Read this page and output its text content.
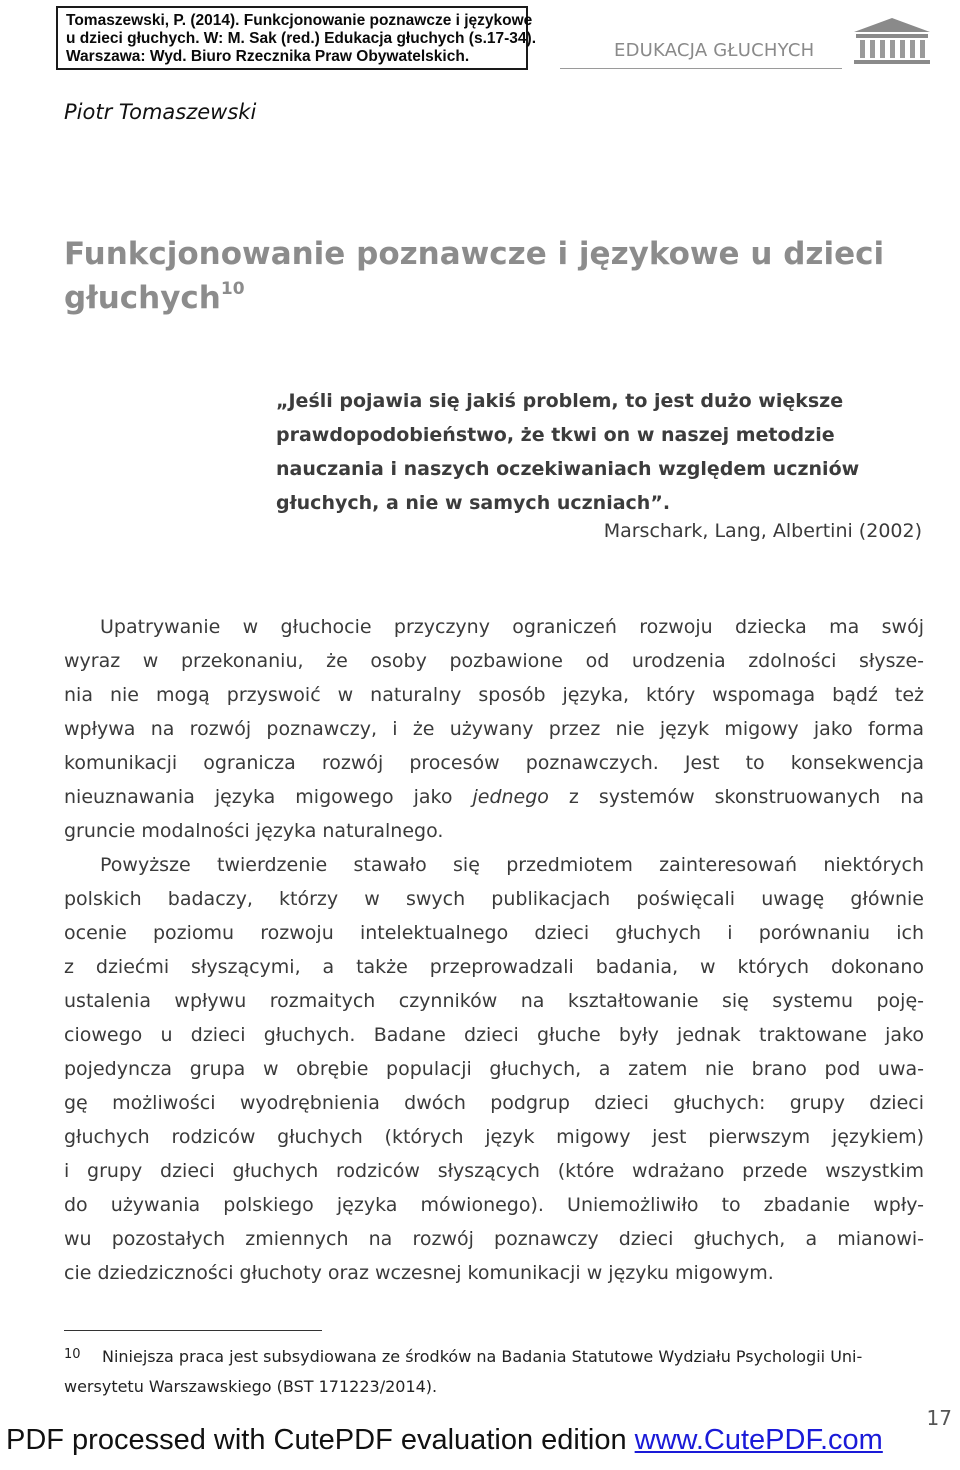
Tomaszewski, P. (2014). Funkcjonowanie poznawcze i językowe
u dzieci głuchych. W: M. Sak (red.) Edukacja głuchych (s.17-34).
Warszawa: Wyd. Biuro Rzecznika Praw Obywatelskich.	EDUKACJA GŁUCHYCH
Piotr Tomaszewski
Funkcjonowanie poznawcze i językowe u dzieci
głuchych$^{10}$
„Jeśli pojawia się jakiś problem, to jest dużo większe
prawdopodobieństwo, że tkwi on w naszej metodzie
nauczania i naszych oczekiwaniach względem uczniów
głuchych, a nie w samych uczniach”.
Marschark, Lang, Albertini (2002)
Upatrywanie w głuchocie przyczyny ograniczeń rozwoju dziecka ma swój
wyraz w przekonaniu, że osoby pozbawione od urodzenia zdolności słysze-
nia nie mogą przyswoić w naturalny sposób języka, który wspomaga bądź też
wpływa na rozwój poznawczy, i że używany przez nie język migowy jako forma
komunikacji ogranicza rozwój procesów poznawczych. Jest to konsekwencja
nieuznawania języka migowego jako jednego z systemów skonstruowanych na
gruncie modalności języka naturalnego.
Powyższe twierdzenie stawało się przedmiotem zainteresowań niektórych
polskich badaczy, którzy w swych publikacjach poświęcali uwagę głównie
ocenie poziomu rozwoju intelektualnego dzieci głuchych i porównaniu ich
z dziećmi słyszącymi, a także przeprowadzali badania, w których dokonano
ustalenia wpływu rozmaitych czynników na kształtowanie się systemu poję-
ciowego u dzieci głuchych. Badane dzieci głuche były jednak traktowane jako
pojedyncza grupa w obrębie populacji głuchych, a zatem nie brano pod uwa-
gę możliwości wyodrębnienia dwóch podgrup dzieci głuchych: grupy dzieci
głuchych rodziców głuchych (których język migowy jest pierwszym językiem)
i grupy dzieci głuchych rodziców słyszących (które wdrażano przede wszystkim
do używania polskiego języka mówionego). Uniemożliwiło to zbadanie wpły-
wu pozostałych zmiennych na rozwój poznawczy dzieci głuchych, a mianowi-
cie dziedziczności głuchoty oraz wczesnej komunikacji w języku migowym.
10 Niniejsza praca jest subsydiowana ze środków na Badania Statutowe Wydziału Psychologii Uni-
wersytetu Warszawskiego (BST 171223/2014).
17
PDF processed with CutePDF evaluation edition www.CutePDF.com
